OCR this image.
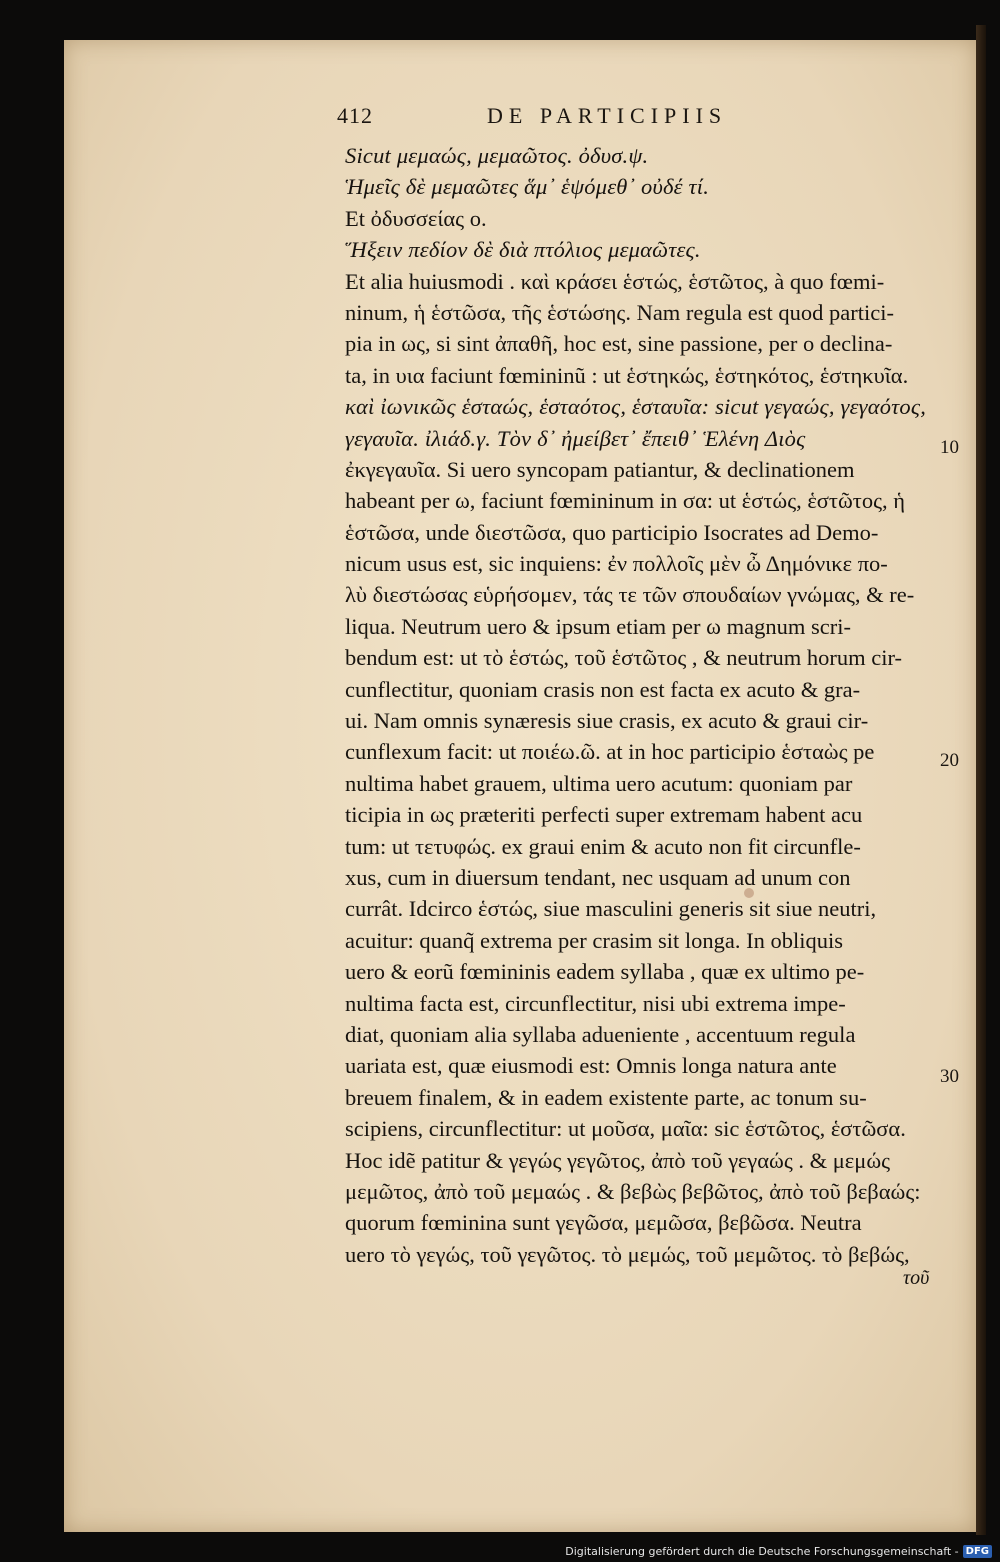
412	DE PARTICIPIIS
Sicut μεμαώς, μεμαῶτος. ὀδυσ.ψ.
Ἡμεῖς δὲ μεμαῶτες ἅμ᾽ ἑψόμεθ᾽ οὐδέ τί.
Et ὀδυσσείας ο.
Ἥξειν πεδίον δὲ διὰ πτόλιος μεμαῶτες.
Et alia huiusmodi . καὶ κράσει ἑστώς, ἑστῶτος, à quo fœmi-
ninum, ἡ ἑστῶσα, τῆς ἑστώσης. Nam regula est quod partici-
pia in ως, si sint ἀπαθῆ, hoc est, sine passione, per ο declina-
ta, in υια faciunt fœmininũ : ut ἑστηκώς, ἑστηκότος, ἑστηκυῖα.
καὶ ἰωνικῶς ἑσταώς, ἑσταότος, ἑσταυῖα: sicut γεγαώς, γεγαότος,
γεγαυῖα. ἰλιάδ.γ. Τὸν δ᾽ ἠμείβετ᾽ ἔπειθ᾽ Ἑλένη Διὸς
ἐκγεγαυῖα. Si uero syncopam patiantur, & declinationem
habeant per ω, faciunt fœmininum in σα: ut ἑστώς, ἑστῶτος, ἡ
ἑστῶσα, unde διεστῶσα, quo participio Isocrates ad Demo-
nicum usus est, sic inquiens: ἐν πολλοῖς μὲν ὦ Δημόνικε πο-
λὺ διεστώσας εὑρήσομεν, τάς τε τῶν σπουδαίων γνώμας, & re-
liqua. Neutrum uero & ipsum etiam per ω magnum scri-
bendum est: ut τὸ ἑστώς, τοῦ ἑστῶτος , & neutrum horum cir-
cunflectitur, quoniam crasis non est facta ex acuto & gra-
ui. Nam omnis synæresis siue crasis, ex acuto & graui cir-
cunflexum facit: ut ποιέω.ῶ. at in hoc participio ἑσταὼς pe
nultima habet grauem, ultima uero acutum: quoniam par
ticipia in ως præteriti perfecti super extremam habent acu
tum: ut τετυφώς. ex graui enim & acuto non fit circunfle-
xus, cum in diuersum tendant, nec usquam ad unum con
currât. Idcirco ἑστώς, siue masculini generis sit siue neutri,
acuitur: quanq̃ extrema per crasim sit longa. In obliquis
uero & eorũ fœmininis eadem syllaba , quæ ex ultimo pe-
nultima facta est, circunflectitur, nisi ubi extrema impe-
diat, quoniam alia syllaba adueniente , accentuum regula
uariata est, quæ eiusmodi est: Omnis longa natura ante
breuem finalem, & in eadem existente parte, ac tonum su-
scipiens, circunflectitur: ut μοῦσα, μαῖα: sic ἑστῶτος, ἑστῶσα.
Hoc idẽ patitur & γεγώς γεγῶτος, ἀπὸ τοῦ γεγαώς . & μεμώς
μεμῶτος, ἀπὸ τοῦ μεμαώς . & βεβὼς βεβῶτος, ἀπὸ τοῦ βεβαώς:
quorum fœminina sunt γεγῶσα, μεμῶσα, βεβῶσα. Neutra
uero τὸ γεγώς, τοῦ γεγῶτος. τὸ μεμώς, τοῦ μεμῶτος. τὸ βεβώς,
τοῦ
10
20
30
Digitalisierung gefördert durch die Deutsche Forschungsgemeinschaft - DFG
